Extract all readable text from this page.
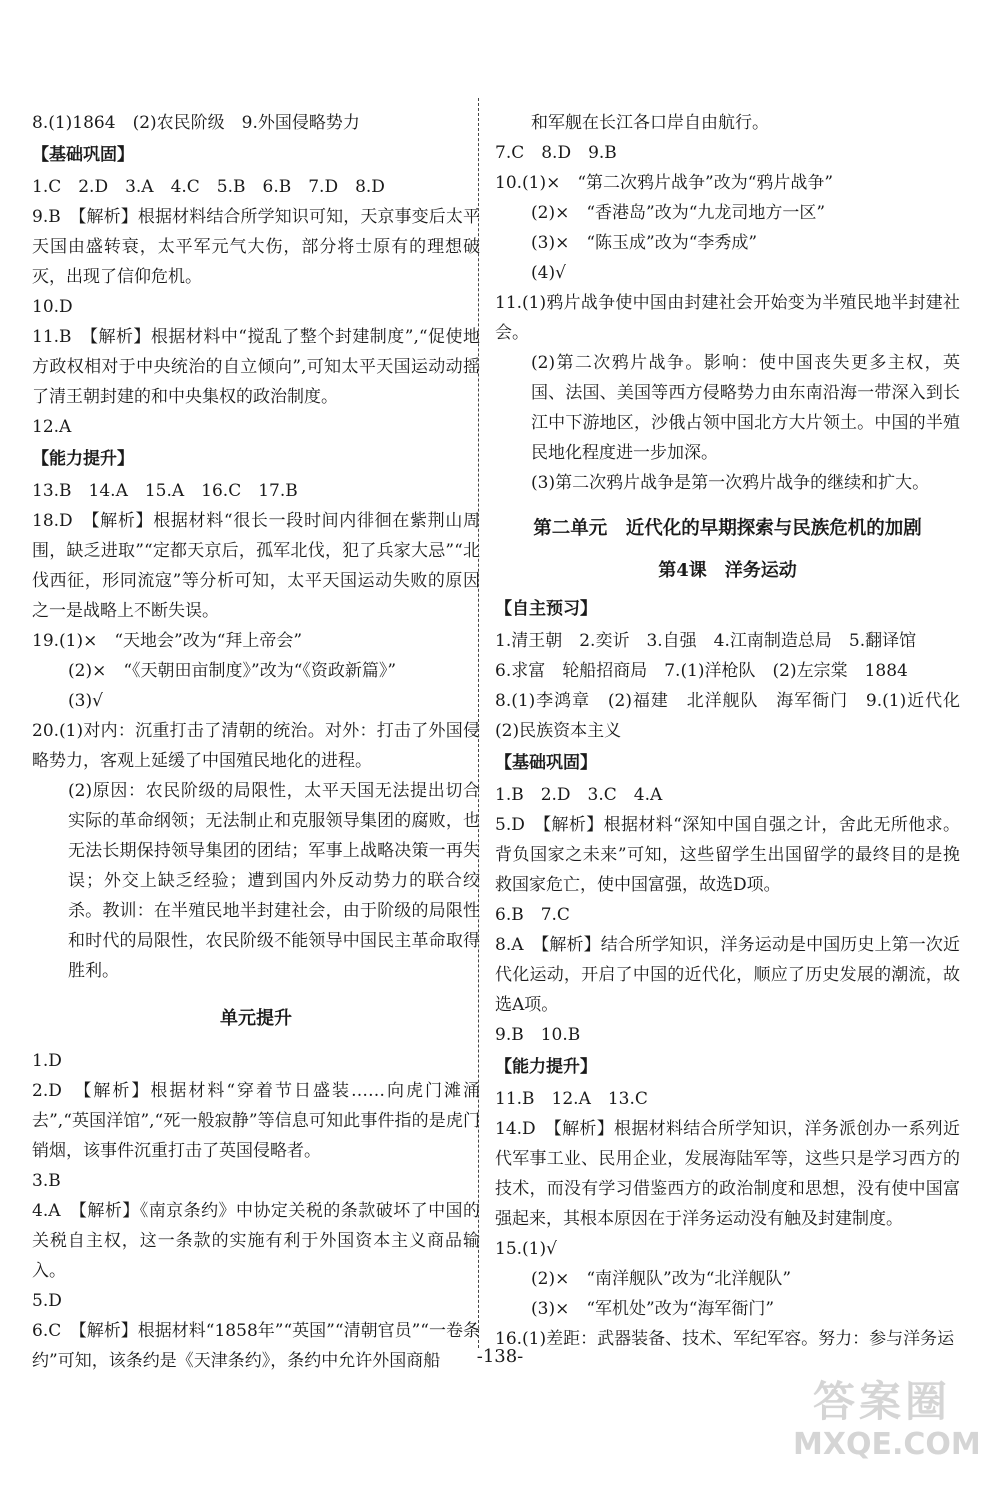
8.(1)1864　(2)农民阶级　9.外国侵略势力
【基础巩固】
1.C　2.D　3.A　4.C　5.B　6.B　7.D　8.D
9.B　【解析】根据材料结合所学知识可知，天京事变后太平天国由盛转衰，太平军元气大伤，部分将士原有的理想破灭，出现了信仰危机。
10.D
11.B　【解析】根据材料中“搅乱了整个封建制度”,“促使地方政权相对于中央统治的自立倾向”,可知太平天国运动动摇了清王朝封建的和中央集权的政治制度。
12.A
【能力提升】
13.B　14.A　15.A　16.C　17.B
18.D　【解析】根据材料“很长一段时间内徘徊在紫荆山周围，缺乏进取”“定都天京后，孤军北伐，犯了兵家大忌”“北伐西征，形同流寇”等分析可知，太平天国运动失败的原因之一是战略上不断失误。
19.(1)×　“天地会”改为“拜上帝会”
(2)×　“《天朝田亩制度》”改为“《资政新篇》”
(3)√
20.(1)对内：沉重打击了清朝的统治。对外：打击了外国侵略势力，客观上延缓了中国殖民地化的进程。
(2)原因：农民阶级的局限性，太平天国无法提出切合实际的革命纲领；无法制止和克服领导集团的腐败，也无法长期保持领导集团的团结；军事上战略决策一再失误；外交上缺乏经验；遭到国内外反动势力的联合绞杀。教训：在半殖民地半封建社会，由于阶级的局限性和时代的局限性，农民阶级不能领导中国民主革命取得胜利。
单元提升
1.D
2.D　【解析】根据材料“穿着节日盛装……向虎门滩涌去”,“英国洋馆”,“死一般寂静”等信息可知此事件指的是虎门销烟，该事件沉重打击了英国侵略者。
3.B
4.A　【解析】《南京条约》中协定关税的条款破坏了中国的关税自主权，这一条款的实施有利于外国资本主义商品输入。
5.D
6.C　【解析】根据材料“1858年”“英国”“清朝官员”“一卷条约”可知，该条约是《天津条约》，条约中允许外国商船
和军舰在长江各口岸自由航行。
7.C　8.D　9.B
10.(1)×　“第二次鸦片战争”改为“鸦片战争”
(2)×　“香港岛”改为“九龙司地方一区”
(3)×　“陈玉成”改为“李秀成”
(4)√
11.(1)鸦片战争使中国由封建社会开始变为半殖民地半封建社会。
(2)第二次鸦片战争。影响：使中国丧失更多主权，英国、法国、美国等西方侵略势力由东南沿海一带深入到长江中下游地区，沙俄占领中国北方大片领土。中国的半殖民地化程度进一步加深。
(3)第二次鸦片战争是第一次鸦片战争的继续和扩大。
第二单元　近代化的早期探索与民族危机的加剧
第4课　洋务运动
【自主预习】
1.清王朝　2.奕䜣　3.自强　4.江南制造总局　5.翻译馆
6.求富　轮船招商局　7.(1)洋枪队　(2)左宗棠　1884
8.(1)李鸿章　(2)福建　北洋舰队　海军衙门　9.(1)近代化　(2)民族资本主义
【基础巩固】
1.B　2.D　3.C　4.A
5.D　【解析】根据材料“深知中国自强之计，舍此无所他求。背负国家之未来”可知，这些留学生出国留学的最终目的是挽救国家危亡，使中国富强，故选D项。
6.B　7.C
8.A　【解析】结合所学知识，洋务运动是中国历史上第一次近代化运动，开启了中国的近代化，顺应了历史发展的潮流，故选A项。
9.B　10.B
【能力提升】
11.B　12.A　13.C
14.D　【解析】根据材料结合所学知识，洋务派创办一系列近代军事工业、民用企业，发展海陆军等，这些只是学习西方的技术，而没有学习借鉴西方的政治制度和思想，没有使中国富强起来，其根本原因在于洋务运动没有触及封建制度。
15.(1)√
(2)×　“南洋舰队”改为“北洋舰队”
(3)×　“军机处”改为“海军衙门”
16.(1)差距：武器装备、技术、军纪军容。努力：参与洋务运
-138-
答案圈
MXQE.COM
